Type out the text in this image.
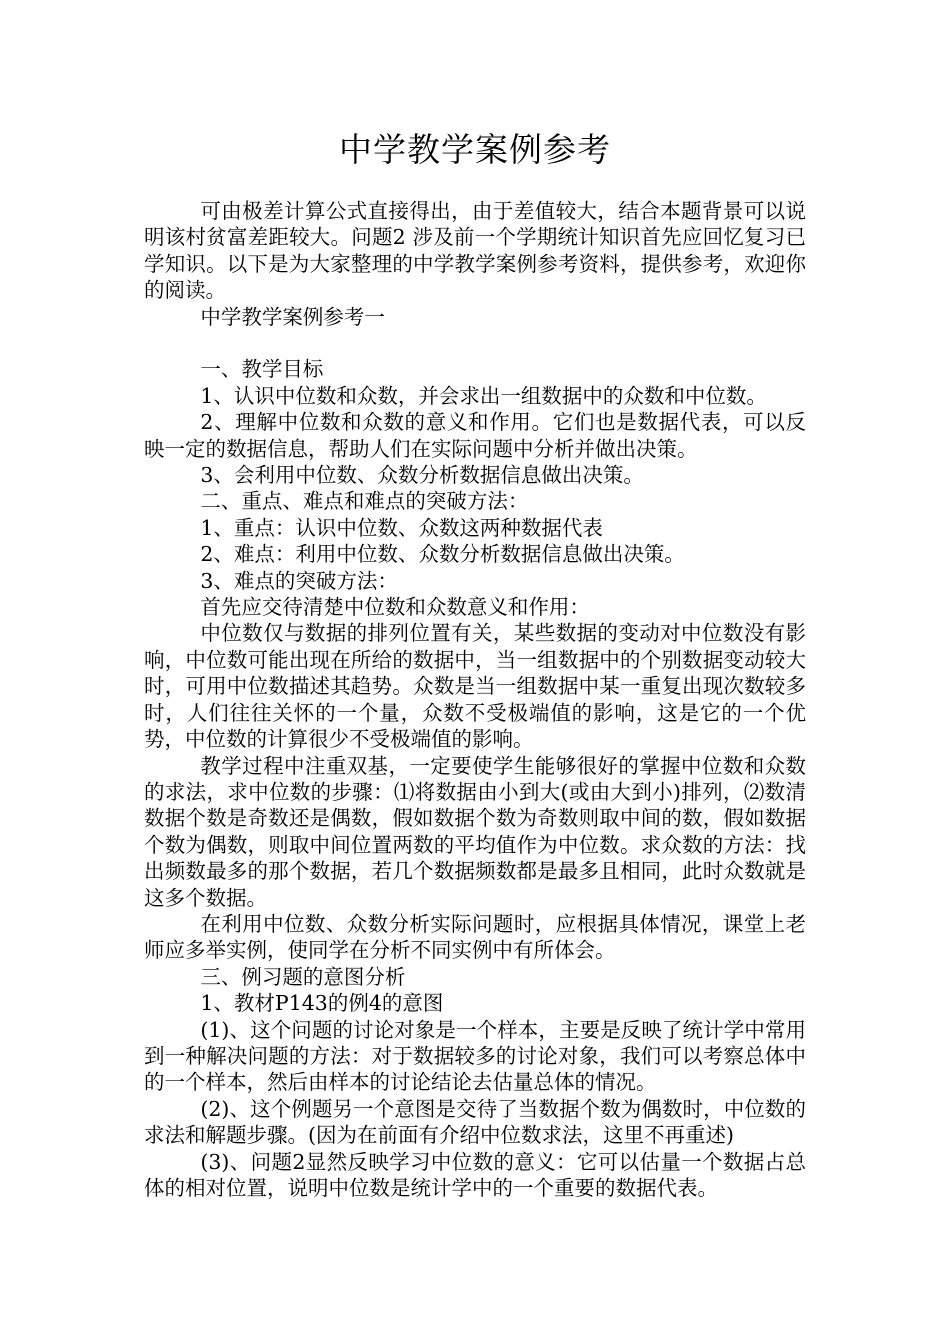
中学教学案例参考

可由极差计算公式直接得出，由于差值较大，结合本题背景可以说明该村贫富差距较大。问题2 涉及前一个学期统计知识首先应回忆复习已学知识。以下是为大家整理的中学教学案例参考资料，提供参考，欢迎你的阅读。

中学教学案例参考一

一、教学目标

1、认识中位数和众数，并会求出一组数据中的众数和中位数。

2、理解中位数和众数的意义和作用。它们也是数据代表，可以反映一定的数据信息，帮助人们在实际问题中分析并做出决策。

3、会利用中位数、众数分析数据信息做出决策。

二、重点、难点和难点的突破方法：

1、重点：认识中位数、众数这两种数据代表

2、难点：利用中位数、众数分析数据信息做出决策。

3、难点的突破方法：

首先应交待清楚中位数和众数意义和作用：

中位数仅与数据的排列位置有关，某些数据的变动对中位数没有影响，中位数可能出现在所给的数据中，当一组数据中的个别数据变动较大时，可用中位数描述其趋势。众数是当一组数据中某一重复出现次数较多时，人们往往关怀的一个量，众数不受极端值的影响，这是它的一个优势，中位数的计算很少不受极端值的影响。

教学过程中注重双基，一定要使学生能够很好的掌握中位数和众数的求法，求中位数的步骤：⑴将数据由小到大(或由大到小)排列，⑵数清数据个数是奇数还是偶数，假如数据个数为奇数则取中间的数，假如数据个数为偶数，则取中间位置两数的平均值作为中位数。求众数的方法：找出频数最多的那个数据，若几个数据频数都是最多且相同，此时众数就是这多个数据。

在利用中位数、众数分析实际问题时，应根据具体情况，课堂上老师应多举实例，使同学在分析不同实例中有所体会。

三、例习题的意图分析

1、教材P143的例4的意图

(1)、这个问题的讨论对象是一个样本，主要是反映了统计学中常用到一种解决问题的方法：对于数据较多的讨论对象，我们可以考察总体中的一个样本，然后由样本的讨论结论去估量总体的情况。

(2)、这个例题另一个意图是交待了当数据个数为偶数时，中位数的求法和解题步骤。(因为在前面有介绍中位数求法，这里不再重述)

(3)、问题2显然反映学习中位数的意义：它可以估量一个数据占总体的相对位置，说明中位数是统计学中的一个重要的数据代表。
